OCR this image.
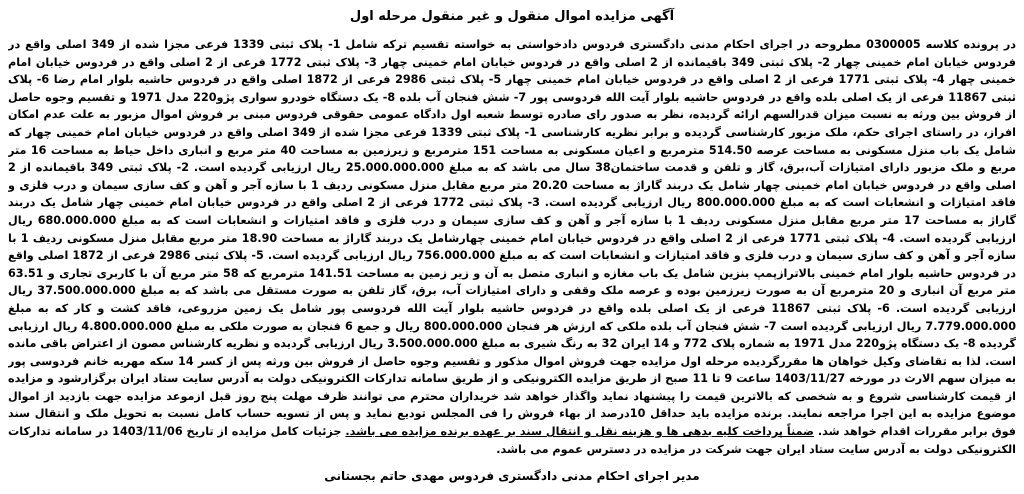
آگهی مزایده اموال منقول و غیر منقول مرحله اول
در پرونده کلاسه 0300005 مطروحه در اجرای احکام مدنی دادگستری فردوس دادخواستی به خواسته تقسیم ترکه شامل 1- پلاک ثبتی 1339 فرعی مجزا شده از 349 اصلی واقع در فردوس خیابان امام خمینی چهار 2- پلاک ثبتی 349 باقیمانده از 2 اصلی واقع در فردوس خیابان امام خمینی چهار 3- پلاک ثبتی 1772 فرعی از 2 اصلی واقع در فردوس خیابان امام خمینی چهار 4- پلاک ثبتی 1771 فرعی از 2 اصلی واقع در فردوس خیابان امام خمینی چهار 5- پلاک ثبتی 2986 فرعی از 1872 اصلی واقع در فردوس حاشیه بلوار امام رضا 6- پلاک ثبتی 11867 فرعی از یک اصلی بلده واقع در فردوس حاشیه بلوار آیت الله فردوسی پور 7- شش فنجان آب بلده 8- یک دستگاه خودرو سواری پژو220 مدل 1971 و تقسیم وجوه حاصل از فروش بین ورثه به نسبت میزان قدرالسهم ارائه گردیده، نظر به صدور رای صادره توسط شعبه اول دادگاه عمومی حقوقی فردوس مبنی بر فروش اموال مزبور به علت عدم امکان افراز، در راستای اجرای حکم، ملک مزبور کارشناسی گردیده و برابر نظریه کارشناسی 1- پلاک ثبتی 1339 فرعی مجزا شده از 349 اصلی واقع در فردوس خیابان امام خمینی چهار که شامل یک باب منزل مسکونی به مساحت عرصه 514.50 مترمربع و اعیان مسکونی به مساحت 151 مترمربع و زیرزمین به مساحت 40 متر مربع و انباری داخل حیاط به مساحت 16 متر مربع و ملک مزبور دارای امتیازات آب،برق، گاز و تلفن و قدمت ساختمان38 سال می باشد که به مبلغ 25.000.000.000 ریال ارزیابی گردیده است. 2- پلاک ثبتی 349 باقیمانده از 2 اصلی واقع در فردوس خیابان امام خمینی چهار شامل یک دربند گاراژ به مساحت 20.20 متر مربع مقابل منزل مسکونی ردیف 1 با سازه آجر و آهن و کف سازی سیمان و درب فلزی و فاقد امتیازات و انشعابات است که به مبلغ 800.000.000 ریال ارزیابی گردیده است. 3- پلاک ثبتی 1772 فرعی از 2 اصلی واقع در فردوس خیابان امام خمینی چهار شامل یک دربند گاراژ به مساحت 17 متر مربع مقابل منزل مسکونی ردیف 1 با سازه آجر و آهن و کف سازی سیمان و درب فلزی و فاقد امتیازات و انشعابات است که به مبلغ 680.000.000 ریال ارزیابی گردیده است. 4- پلاک ثبتی 1771 فرعی از 2 اصلی واقع در فردوس خیابان امام خمینی چهارشامل یک دربند گاراژ به مساحت 18.90 متر مربع مقابل منزل مسکونی ردیف 1 با سازه آجر و آهن و کف سازی سیمان و درب فلزی و فاقد امتیازات و انشعابات است که به مبلغ 756.000.000 ریال ارزیابی گردیده است. 5- پلاک ثبتی 2986 فرعی از 1872 اصلی واقع در فردوس حاشیه بلوار امام خمینی بالاترازپمپ بنزین شامل یک باب مغازه و انباری متصل به آن و زیر زمین به مساحت 141.51 مترمربع که 58 متر مربع آن با کاربری تجاری و 63.51 متر مربع آن انباری و 20 مترمربع آن به صورت زیرزمین بوده و عرصه ملک وقفی و دارای امتیازات آب، برق، گاز تلفن به صورت مستقل می باشد که به مبلغ 37.500.000.000 ریال ارزیابی گردیده است. 6- پلاک ثبتی 11867 فرعی از یک اصلی بلده واقع در فردوس حاشیه بلوار آیت الله فردوسی پور شامل یک زمین مزروعی، فاقد کشت و کار که به مبلغ 7.779.000.000 ریال ارزیابی گردیده است 7- شش فنجان آب بلده ملکی که ارزش هر فنجان 800.000.000 ریال و جمع 6 فنجان به صورت ملکی به مبلغ 4.800.000.000 ریال ارزیابی گردیده 8- یک دستگاه پژو220 مدل 1971 به شماره پلاک 772 و 14 ایران 32 به رنگ شیری به مبلغ 3.500.000.000 ریال ارزیابی گردیده و نظریه کارشناس مصون از اعتراض باقی مانده است. لذا به تقاضای وکیل خواهان ها مقررگردیده مرحله اول مزایده جهت فروش اموال مذکور و تقسیم وجوه حاصل از فروش بین ورثه پس از کسر 14 سکه مهریه خانم فردوسی پور به میزان سهم الارث در مورخه 1403/11/27 ساعت 9 تا 11 صبح از طریق مزایده الکترونیکی و از طریق سامانه تدارکات الکترونیکی دولت به آدرس سایت ستاد ایران برگزارشود و مزایده از قیمت کارشناسی شروع و به شخصی که بالاترین قیمت را پیشنهاد نماید واگذار خواهد شد خریداران محترم می توانند ظرف مهلت پنج روز قبل ازموعد مزایده جهت بازدید از اموال موضوع مزایده به این اجرا مراجعه نمایند. برنده مزایده باید حداقل 10درصد از بهاء فروش را فی المجلس تودیع نماید و پس از تسویه حساب کامل نسبت به تحویل ملک و انتقال سند فوق برابر مقررات اقدام خواهد شد. ضمناً پرداخت کلیه بدهی ها و هزینه نقل و انتقال سند بر عهده برنده مزایده می باشد. جزئیات کامل مزایده از تاریخ 1403/11/06 در سامانه تدارکات الکترونیکی دولت به آدرس سایت ستاد ایران جهت شرکت در مزایده در دسترس عموم می باشد.
مدیر اجرای احکام مدنی دادگستری فردوس مهدی حاتم بجستانی
